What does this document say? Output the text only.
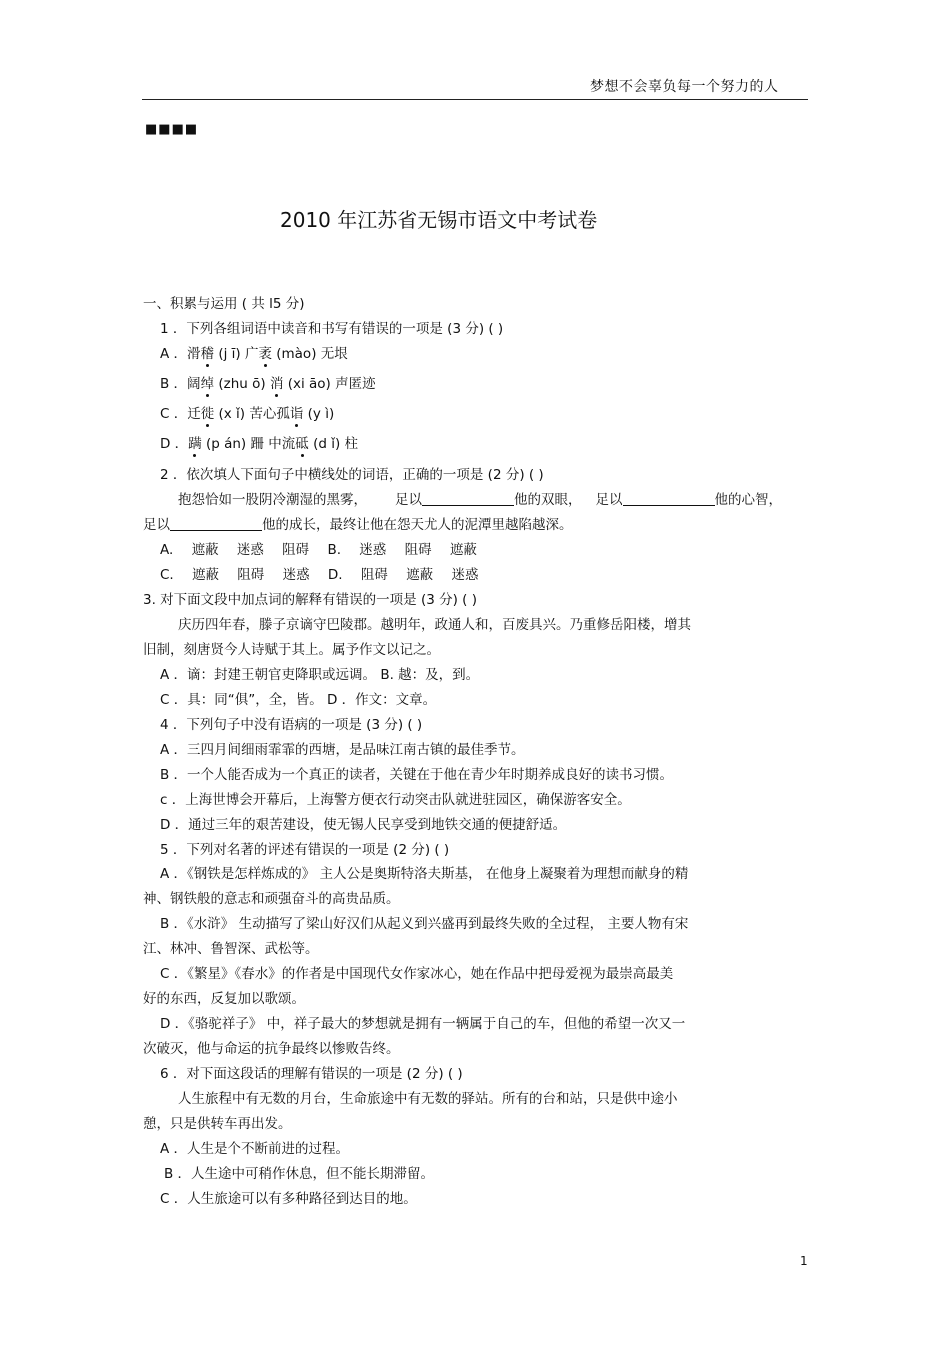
梦想不会辜负每一个努力的人
■■■■
2010 年江苏省无锡市语文中考试卷
一、积累与运用 ( 共 l5 分)
1 ．下列各组词语中读音和书写有错误的一项是 (3 分) ( )
A ．滑稽 (j ī) 广袤 (mào) 无垠
B ．阔绰 (zhu ō) 消 (xi āo) 声匿迹
C ．迁徙 (x ǐ) 苦心孤诣 (y ì)
D ．蹒 (p án) 跚 中流砥 (d ǐ) 柱
2 ．依次填人下面句子中横线处的词语，正确的一项是 (2 分) ( )
抱怨恰如一股阴冷潮湿的黑雾， 足以	他的双眼， 足以	他的心智，
足以	他的成长，最终让他在怨天尤人的泥潭里越陷越深。
A. 遮蔽 迷惑 阻碍 B. 迷惑 阻碍 遮蔽
C. 遮蔽 阻碍 迷惑 D. 阻碍 遮蔽 迷惑
3. 对下面文段中加点词的解释有错误的一项是 (3 分) ( )
庆历四年春，滕子京谪守巴陵郡。越明年，政通人和，百废具兴。乃重修岳阳楼，增其
旧制，刻唐贤今人诗赋于其上。属予作文以记之。
A ．谪：封建王朝官吏降职或远调。 B. 越：及，到。
C ．具：同“俱”，全，皆。 D ．作文：文章。
4 ．下列句子中没有语病的一项是 (3 分) ( )
A ．三四月间细雨霏霏的西塘，是品味江南古镇的最佳季节。
B ．一个人能否成为一个真正的读者，关键在于他在青少年时期养成良好的读书习惯。
c ．上海世博会开幕后，上海警方便衣行动突击队就进驻园区，确保游客安全。
D ．通过三年的艰苦建设，使无锡人民享受到地铁交通的便捷舒适。
5 ．下列对名著的评述有错误的一项是 (2 分) ( )
A ．《钢铁是怎样炼成的》 主人公是奥斯特洛夫斯基， 在他身上凝聚着为理想而献身的精
神、钢铁般的意志和顽强奋斗的高贵品质。
B ．《水浒》 生动描写了梁山好汉们从起义到兴盛再到最终失败的全过程， 主要人物有宋
江、林冲、鲁智深、武松等。
C ．《繁星》《春水》的作者是中国现代女作家冰心，她在作品中把母爱视为最崇高最美
好的东西，反复加以歌颂。
D ．《骆驼祥子》 中，祥子最大的梦想就是拥有一辆属于自己的车，但他的希望一次又一
次破灭，他与命运的抗争最终以惨败告终。
6 ．对下面这段话的理解有错误的一项是 (2 分) ( )
人生旅程中有无数的月台，生命旅途中有无数的驿站。所有的台和站，只是供中途小
憩，只是供转车再出发。
A ．人生是个不断前进的过程。
B ．人生途中可稍作休息，但不能长期滞留。
C ．人生旅途可以有多种路径到达目的地。
1
